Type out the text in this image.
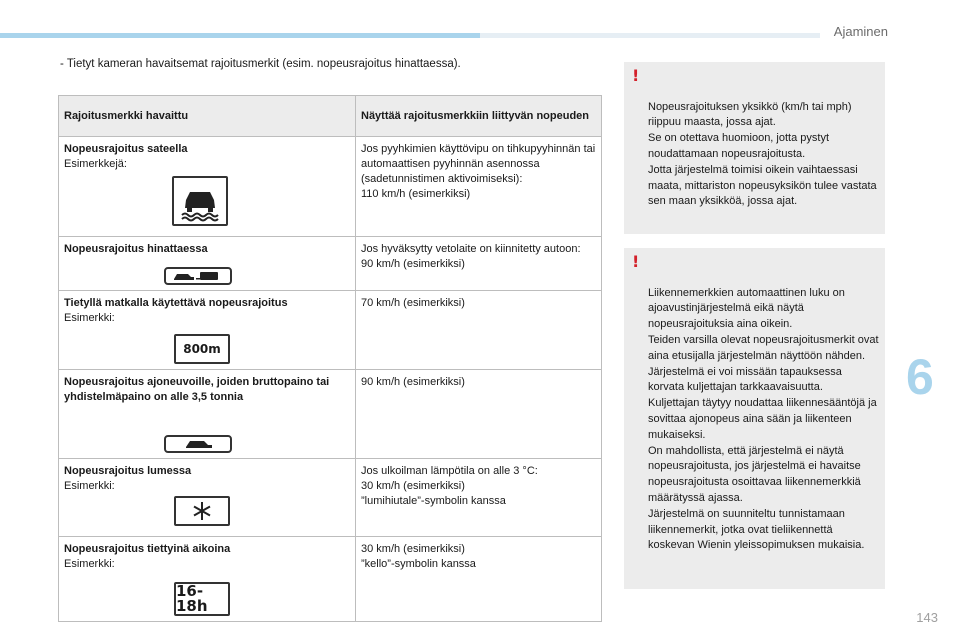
Ajaminen
6
- Tietyt kameran havaitsemat rajoitusmerkit (esim. nopeusrajoitus hinattaessa).
Rajoitusmerkki havaittu	Näyttää rajoitusmerkkiin liittyvän nopeuden

Nopeusrajoitus sateella
Esimerkkejä:	Jos pyyhkimien käyttövipu on tihkupyyhinnän tai automaattisen pyyhinnän asennossa (sadetunnistimen aktivoimiseksi):
110 km/h (esimerkiksi)

Nopeusrajoitus hinattaessa	Jos hyväksytty vetolaite on kiinnitetty autoon:
90 km/h (esimerkiksi)

Tietyllä matkalla käytettävä nopeusrajoitus
Esimerkki:
800m	70 km/h (esimerkiksi)

Nopeusrajoitus ajoneuvoille, joiden bruttopaino tai yhdistelmäpaino on alle 3,5 tonnia	90 km/h (esimerkiksi)

Nopeusrajoitus lumessa
Esimerkki:	Jos ulkoilman lämpötila on alle 3 °C:
30 km/h (esimerkiksi)
”lumihiutale”-symbolin kanssa

Nopeusrajoitus tiettyinä aikoina
Esimerkki:
16-18h	30 km/h (esimerkiksi)
”kello”-symbolin kanssa

!

Nopeusrajoituksen yksikkö (km/h tai mph) riippuu maasta, jossa ajat.
Se on otettava huomioon, jotta pystyt noudattamaan nopeusrajoitusta.
Jotta järjestelmä toimisi oikein vaihtaessasi maata, mittariston nopeusyksikön tulee vastata sen maan yksikköä, jossa ajat.

!

Liikennemerkkien automaattinen luku on ajoavustinjärjestelmä eikä näytä nopeusrajoituksia aina oikein.
Teiden varsilla olevat nopeusrajoitusmerkit ovat aina etusijalla järjestelmän näyttöön nähden.
Järjestelmä ei voi missään tapauksessa korvata kuljettajan tarkkaavaisuutta.
Kuljettajan täytyy noudattaa liikennesääntöjä ja sovittaa ajonopeus aina sään ja liikenteen mukaiseksi.
On mahdollista, että järjestelmä ei näytä nopeusrajoitusta, jos järjestelmä ei havaitse nopeusrajoitusta osoittavaa liikennemerkkiä määrätyssä ajassa.
Järjestelmä on suunniteltu tunnistamaan liikennemerkit, jotka ovat tieliikennettä koskevan Wienin yleissopimuksen mukaisia.

143
